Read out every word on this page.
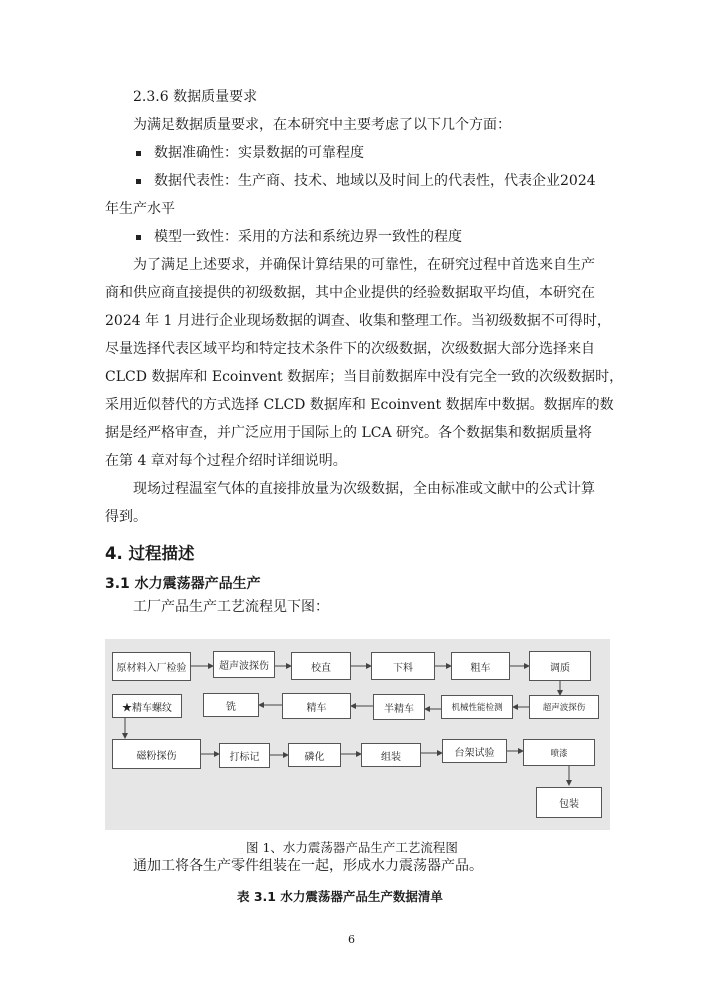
2.3.6 数据质量要求
为满足数据质量要求，在本研究中主要考虑了以下几个方面：
数据准确性：实景数据的可靠程度
数据代表性：生产商、技术、地域以及时间上的代表性，代表企业2024
年生产水平
模型一致性：采用的方法和系统边界一致性的程度
为了满足上述要求，并确保计算结果的可靠性，在研究过程中首选来自生产
商和供应商直接提供的初级数据，其中企业提供的经验数据取平均值，本研究在
2024 年 1 月进行企业现场数据的调查、收集和整理工作。当初级数据不可得时，
尽量选择代表区域平均和特定技术条件下的次级数据，次级数据大部分选择来自
CLCD 数据库和 Ecoinvent 数据库；当目前数据库中没有完全一致的次级数据时，
采用近似替代的方式选择 CLCD 数据库和 Ecoinvent 数据库中数据。数据库的数
据是经严格审查，并广泛应用于国际上的 LCA 研究。各个数据集和数据质量将
在第 4 章对每个过程介绍时详细说明。
现场过程温室气体的直接排放量为次级数据，全由标准或文献中的公式计算
得到。
4. 过程描述
3.1 水力震荡器产品生产
工厂产品生产工艺流程见下图：
原材料入厂检验	超声波探伤	校直	下料	粗车	调质
★精车螺纹	铣	精车	半精车	机械性能检测	超声波探伤
磁粉探伤	打标记	磷化	组装	台架试验	喷漆
包装
图 1、水力震荡器产品生产工艺流程图
通加工将各生产零件组装在一起，形成水力震荡器产品。
表 3.1 水力震荡器产品生产数据清单
6
